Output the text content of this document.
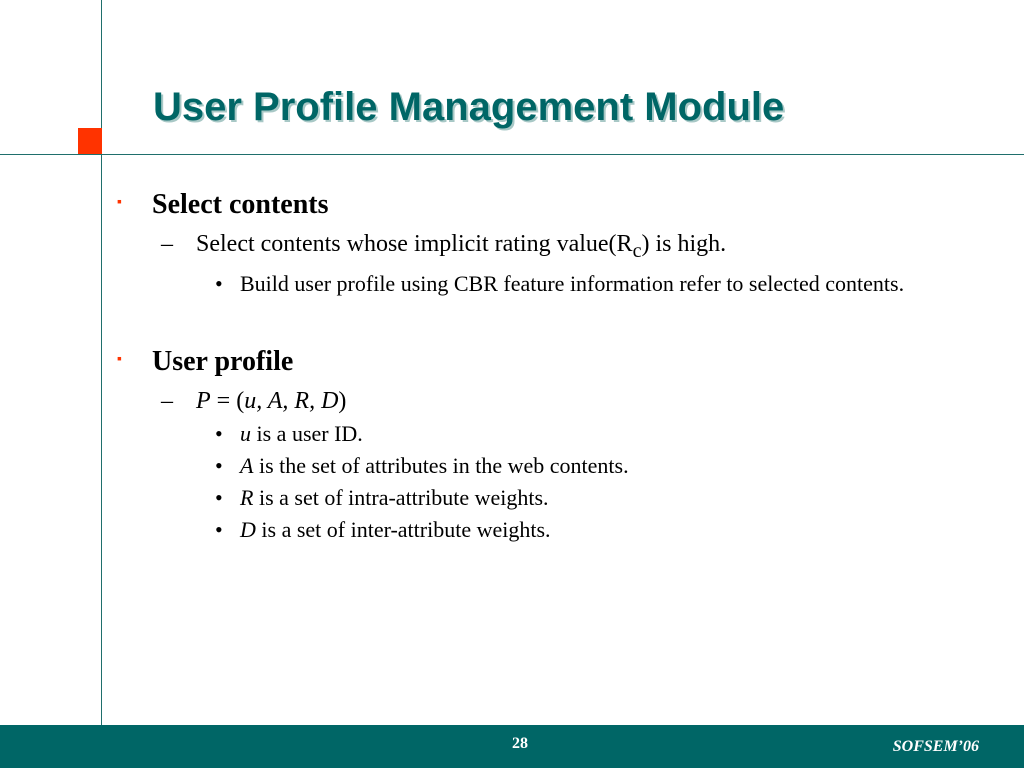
User Profile Management Module
▪ Select contents
– Select contents whose implicit rating $value(R_c)$ is high.
• Build user profile using CBR feature information refer to selected contents.
▪ User profile
– P = (u, A, R, D)
• u is a user ID.
• A is the set of attributes in the web contents.
• R is a set of intra-attribute weights.
• D is a set of inter-attribute weights.

28	SOFSEM’06
